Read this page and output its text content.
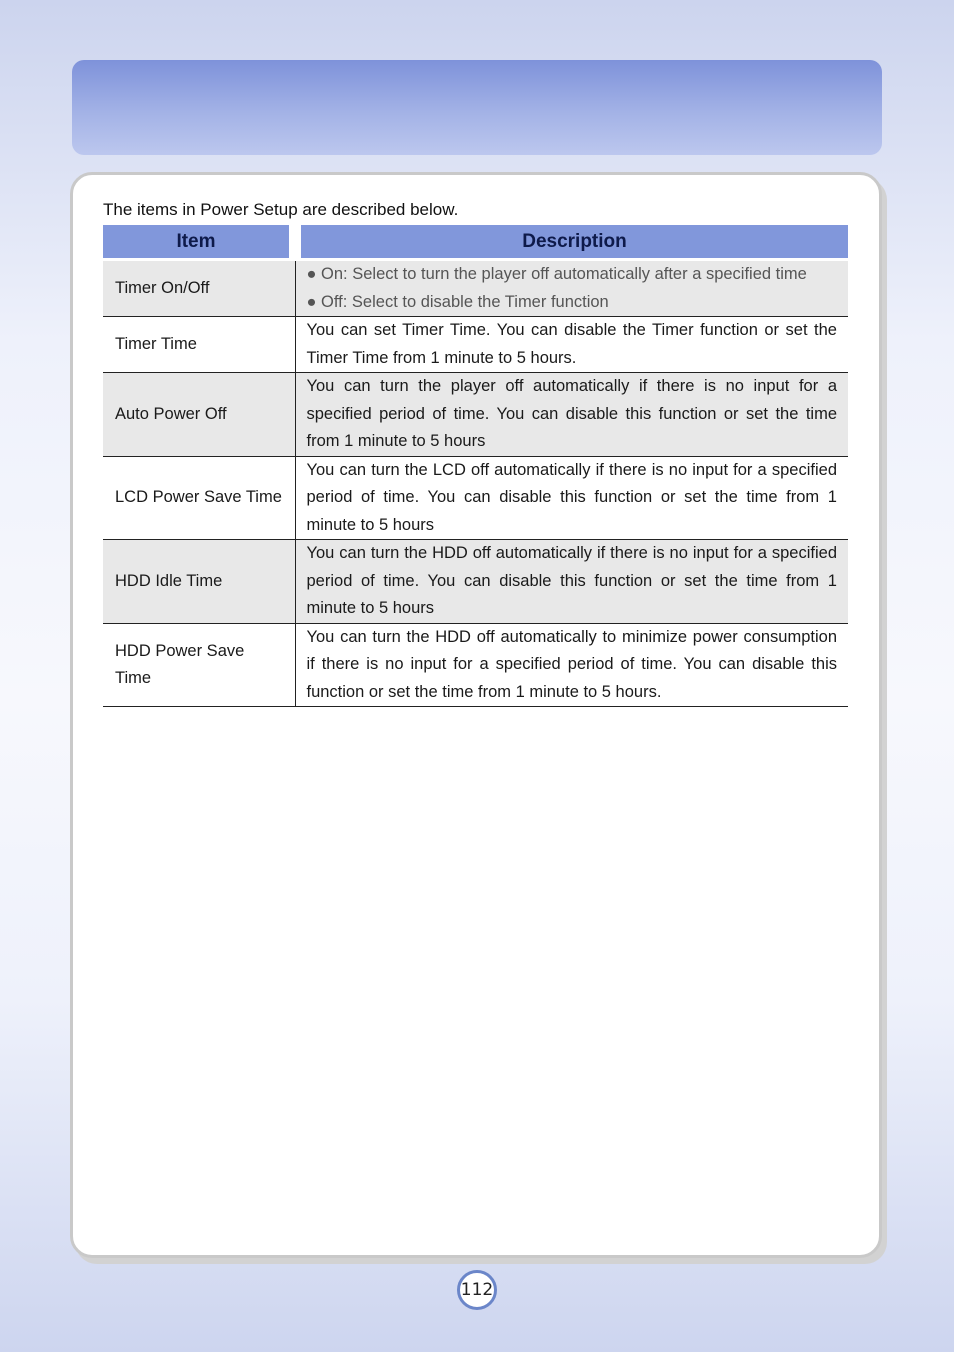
The items in Power Setup are described below.
Item	Description
Timer On/Off	● On: Select to turn the player off automatically after a specified time
● Off: Select to disable the Timer function

Timer Time	You can set Timer Time. You can disable the Timer function or set the Timer Time from 1 minute to 5 hours.
Auto Power Off	You can turn the player off automatically if there is no input for a specified period of time. You can disable this function or set the time from 1 minute to 5 hours
LCD Power Save Time	You can turn the LCD off automatically if there is no input for a specified period of time. You can disable this function or set the time from 1 minute to 5 hours
HDD Idle Time	You can turn the HDD off automatically if there is no input for a specified period of time. You can disable this function or set the time from 1 minute to 5 hours
HDD Power Save Time	You can turn the HDD off automatically to minimize power consumption if there is no input for a specified period of time. You can disable this function or set the time from 1 minute to 5 hours.
112
